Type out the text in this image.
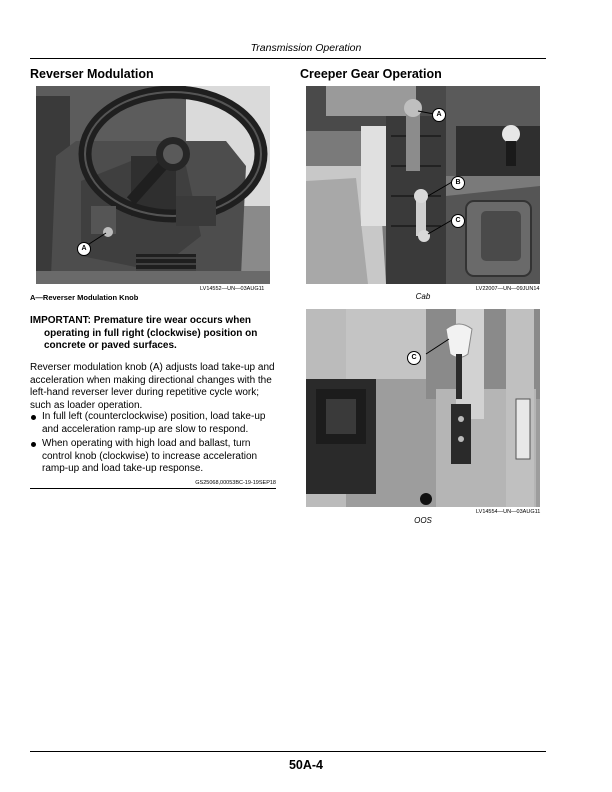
Transmission Operation
Reverser Modulation
A
LV14552—UN—03AUG11
A—Reverser Modulation Knob
IMPORTANT: Premature tire wear occurs when operating in full right (clockwise) position on concrete or paved surfaces.
Reverser modulation knob (A) adjusts load take-up and acceleration when making directional changes with the left-hand reverser lever during repetitive cycle work; such as loader operation.
In full left (counterclockwise) position, load take-up and acceleration ramp-up are slow to respond.
When operating with high load and ballast, turn control knob (clockwise) to increase acceleration ramp-up and load take-up response.
GS25068,00053BC-19-19SEP18
Creeper Gear Operation
A
B
C
LV22007—UN—09JUN14
Cab
C
LV14554—UN—03AUG11
OOS
50A-4
